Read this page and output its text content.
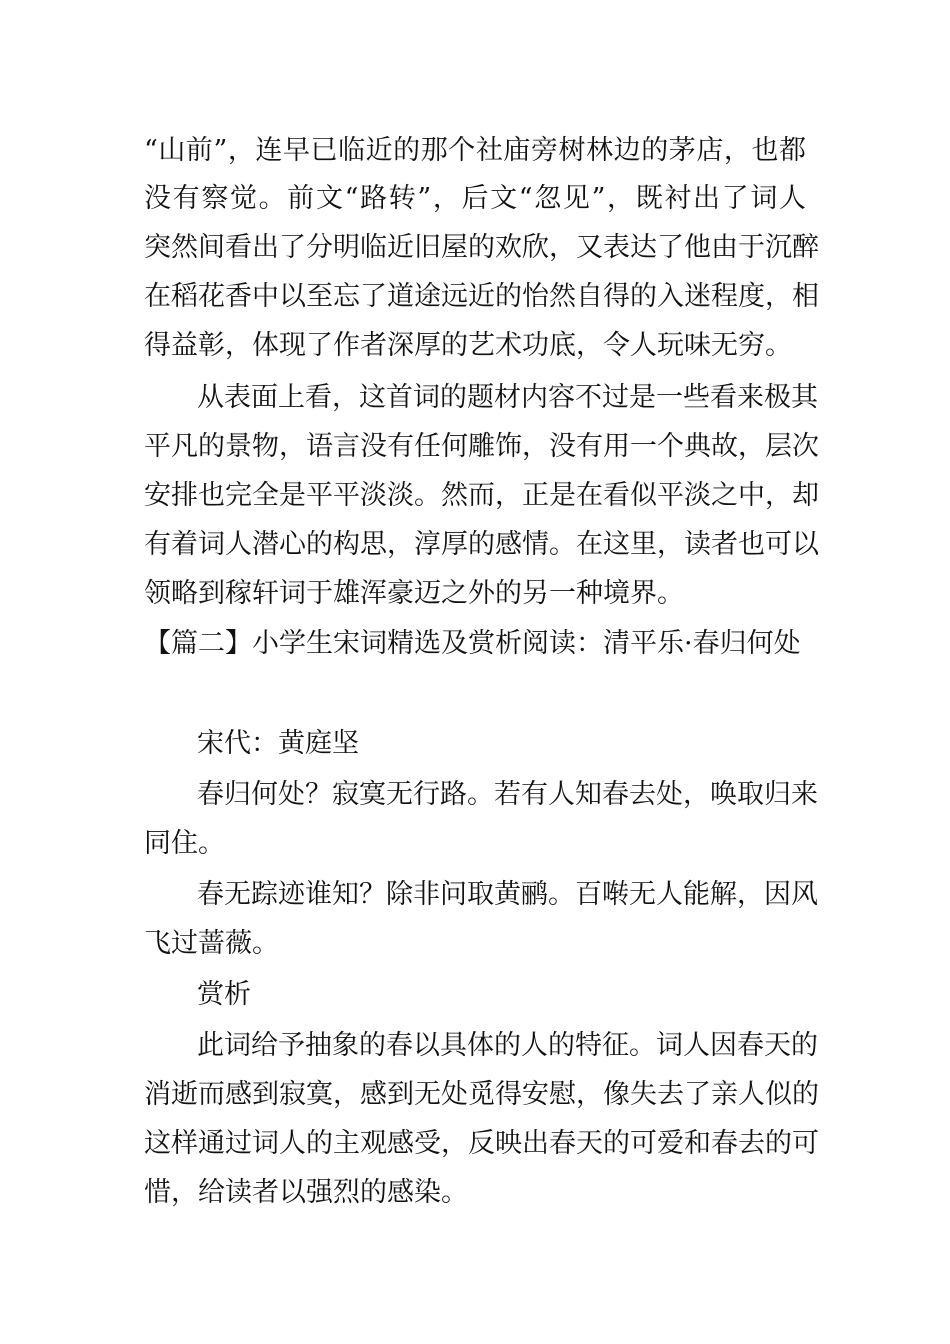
“山前”，连早已临近的那个社庙旁树林边的茅店，也都
没有察觉。前文“路转”，后文“忽见”，既衬出了词人
突然间看出了分明临近旧屋的欢欣，又表达了他由于沉醉
在稻花香中以至忘了道途远近的怡然自得的入迷程度，相
得益彰，体现了作者深厚的艺术功底，令人玩味无穷。
从表面上看，这首词的题材内容不过是一些看来极其
平凡的景物，语言没有任何雕饰，没有用一个典故，层次
安排也完全是平平淡淡。然而，正是在看似平淡之中，却
有着词人潜心的构思，淳厚的感情。在这里，读者也可以
领略到稼轩词于雄浑豪迈之外的另一种境界。
【篇二】小学生宋词精选及赏析阅读：清平乐·春归何处
宋代：黄庭坚
春归何处？寂寞无行路。若有人知春去处，唤取归来
同住。
春无踪迹谁知？除非问取黄鹂。百啭无人能解，因风
飞过蔷薇。
赏析
此词给予抽象的春以具体的人的特征。词人因春天的
消逝而感到寂寞，感到无处觅得安慰，像失去了亲人似的
这样通过词人的主观感受，反映出春天的可爱和春去的可
惜，给读者以强烈的感染。
